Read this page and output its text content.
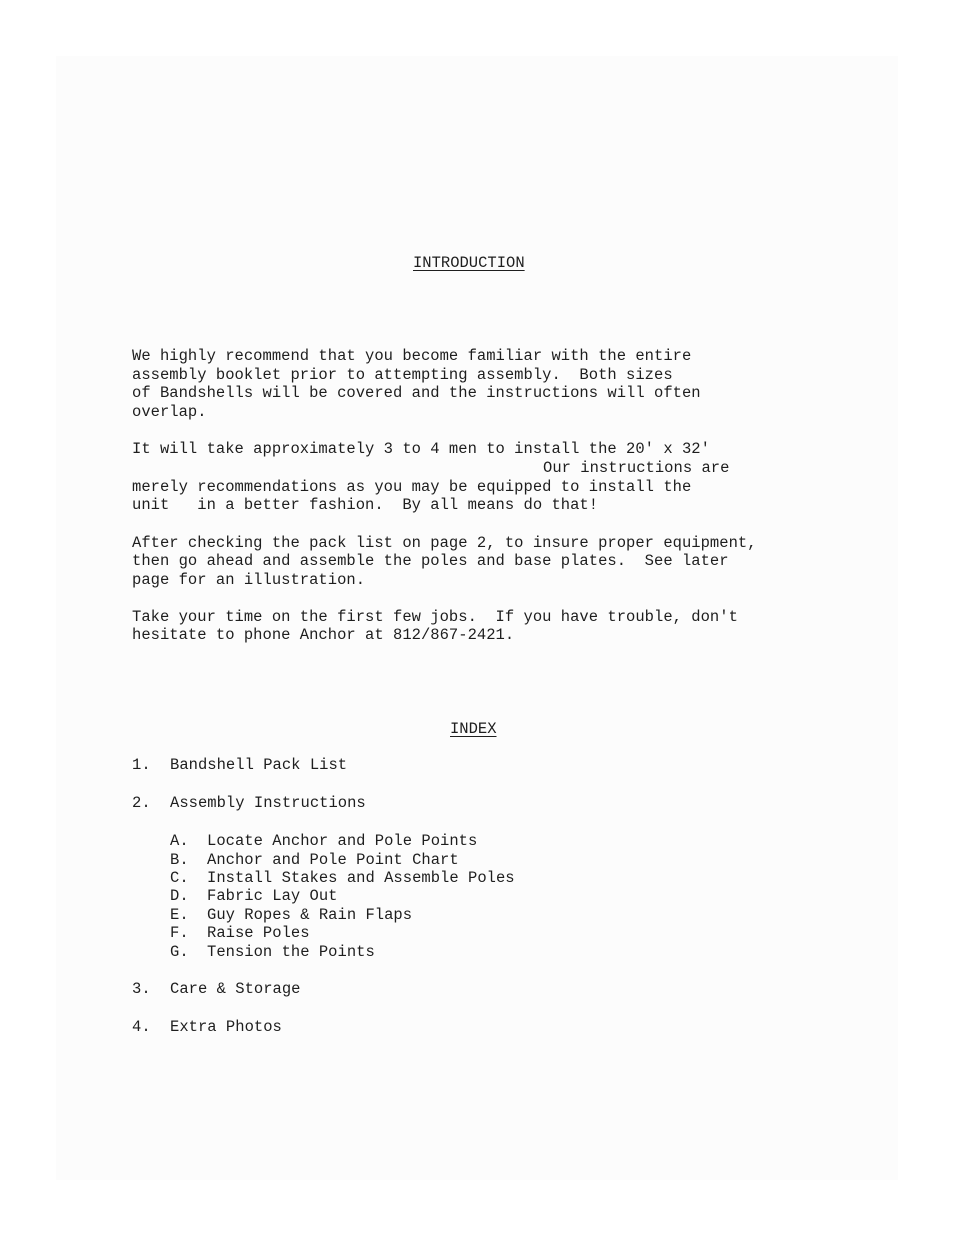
INTRODUCTION
We highly recommend that you become familiar with the entire
assembly booklet prior to attempting assembly.  Both sizes
of Bandshells will be covered and the instructions will often
overlap.
It will take approximately 3 to 4 men to install the 20' x 32'
Our instructions are
merely recommendations as you may be equipped to install the
unit   in a better fashion.  By all means do that!
After checking the pack list on page 2, to insure proper equipment,
then go ahead and assemble the poles and base plates.  See later
page for an illustration.
Take your time on the first few jobs.  If you have trouble, don't
hesitate to phone Anchor at 812/867-2421.
INDEX
1. Bandshell Pack List
2. Assembly Instructions
A. Locate Anchor and Pole Points
B. Anchor and Pole Point Chart
C. Install Stakes and Assemble Poles
D. Fabric Lay Out
E. Guy Ropes & Rain Flaps
F. Raise Poles
G. Tension the Points
3. Care & Storage
4. Extra Photos
